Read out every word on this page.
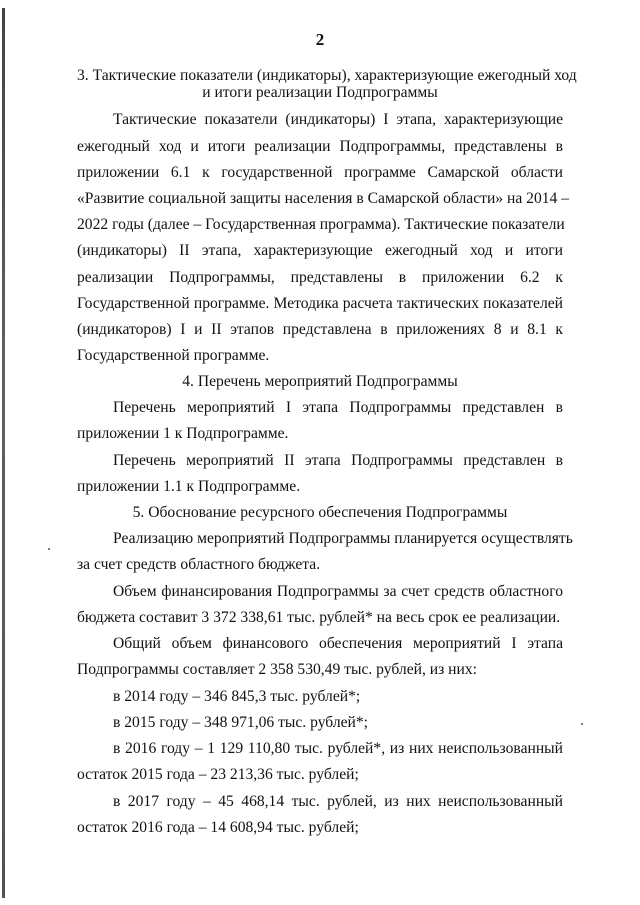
2
3. Тактические показатели (индикаторы), характеризующие ежегодный ход
и итоги реализации Подпрограммы
Тактические показатели (индикаторы) I этапа, характеризующие
ежегодный ход и итоги реализации Подпрограммы, представлены в
приложении 6.1 к государственной программе Самарской области
«Развитие социальной защиты населения в Самарской области» на 2014 –
2022 годы (далее – Государственная программа). Тактические показатели
(индикаторы) II этапа, характеризующие ежегодный ход и итоги
реализации Подпрограммы, представлены в приложении 6.2 к
Государственной программе. Методика расчета тактических показателей
(индикаторов) I и II этапов представлена в приложениях 8 и 8.1 к
Государственной программе.
4. Перечень мероприятий Подпрограммы
Перечень мероприятий I этапа Подпрограммы представлен в
приложении 1 к Подпрограмме.
Перечень мероприятий II этапа Подпрограммы представлен в
приложении 1.1 к Подпрограмме.
5. Обоснование ресурсного обеспечения Подпрограммы
Реализацию мероприятий Подпрограммы планируется осуществлять
за счет средств областного бюджета.
Объем финансирования Подпрограммы за счет средств областного
бюджета составит 3 372 338,61 тыс. рублей* на весь срок ее реализации.
Общий объем финансового обеспечения мероприятий I этапа
Подпрограммы составляет 2 358 530,49 тыс. рублей, из них:
в 2014 году – 346 845,3 тыс. рублей*;
в 2015 году – 348 971,06 тыс. рублей*;
в 2016 году – 1 129 110,80 тыс. рублей*, из них неиспользованный
остаток 2015 года – 23 213,36 тыс. рублей;
в 2017 году – 45 468,14 тыс. рублей, из них неиспользованный
остаток 2016 года – 14 608,94 тыс. рублей;
